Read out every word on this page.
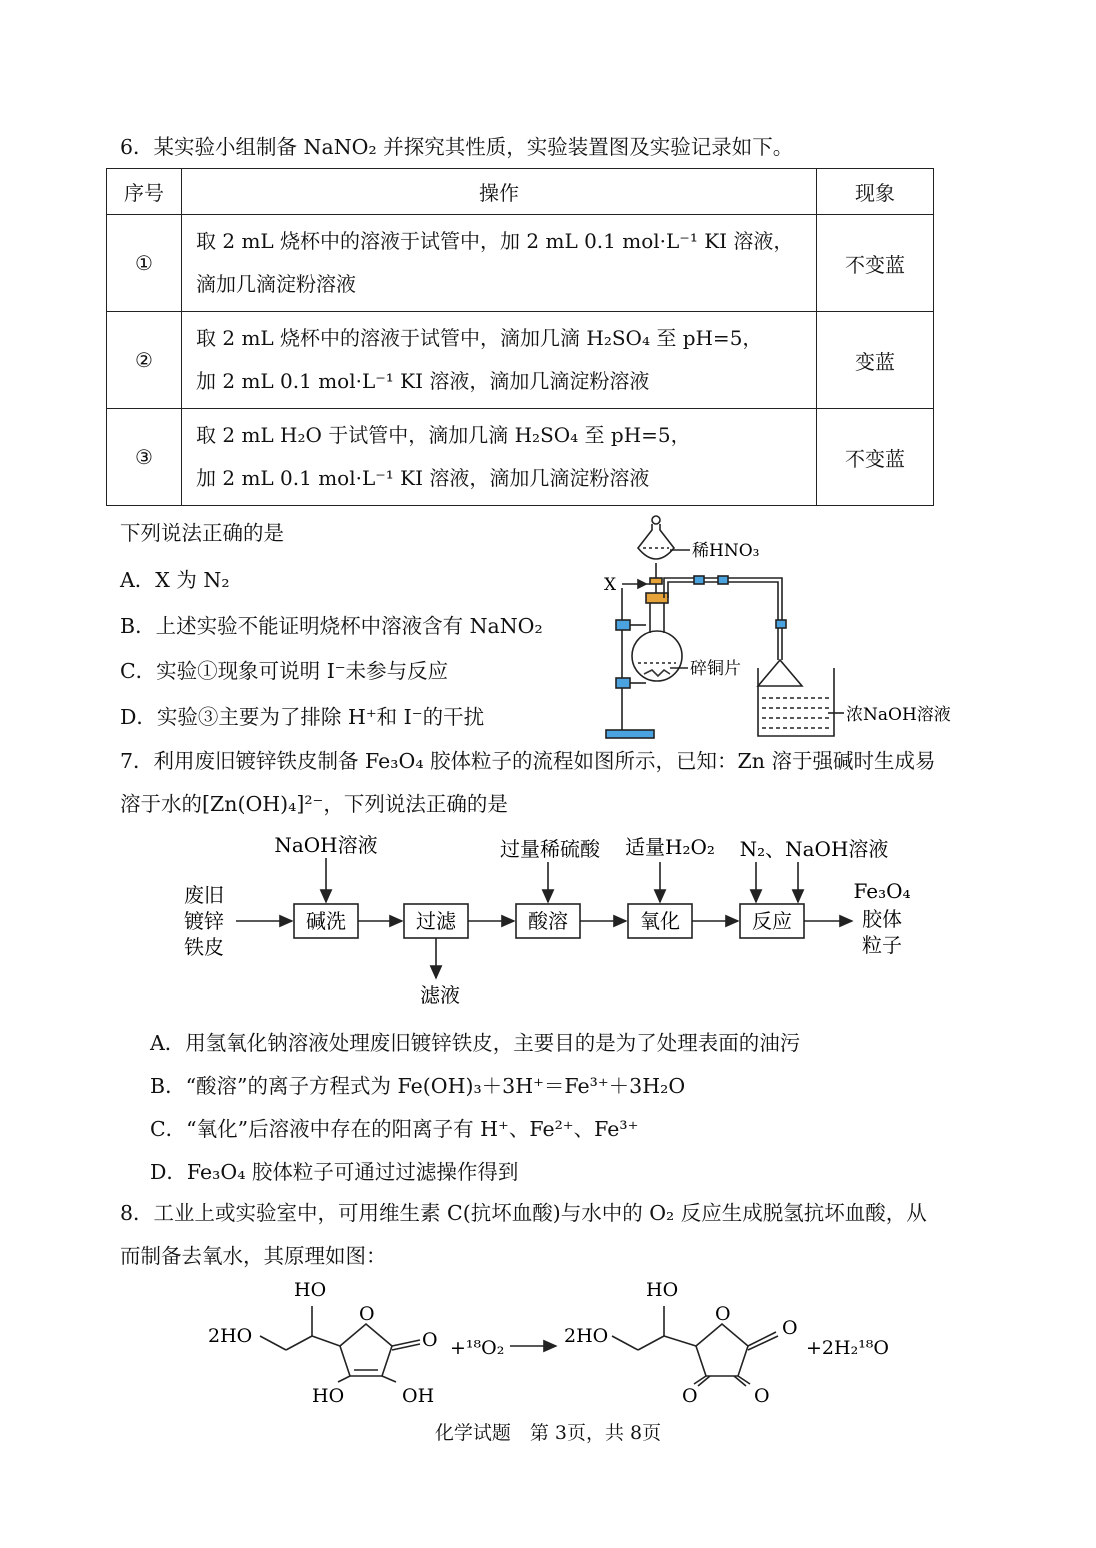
6．某实验小组制备 NaNO₂ 并探究其性质，实验装置图及实验记录如下。
序号	操作	现象
①	取 2 mL 烧杯中的溶液于试管中，加 2 mL 0.1 mol·L⁻¹ KI 溶液，
滴加几滴淀粉溶液	不变蓝
②	取 2 mL 烧杯中的溶液于试管中，滴加几滴 H₂SO₄ 至 pH=5，
加 2 mL 0.1 mol·L⁻¹ KI 溶液，滴加几滴淀粉溶液	变蓝
③	取 2 mL H₂O 于试管中，滴加几滴 H₂SO₄ 至 pH=5，
加 2 mL 0.1 mol·L⁻¹ KI 溶液，滴加几滴淀粉溶液	不变蓝
下列说法正确的是
A．X 为 N₂
B．上述实验不能证明烧杯中溶液含有 NaNO₂
C．实验①现象可说明 I⁻未参与反应
D．实验③主要为了排除 H⁺和 I⁻的干扰
稀HNO₃
X
碎铜片
浓NaOH溶液
7．利用废旧镀锌铁皮制备 Fe₃O₄ 胶体粒子的流程如图所示，已知：Zn 溶于强碱时生成易
溶于水的[Zn(OH)₄]²⁻，下列说法正确的是
废旧
镀锌
铁皮
碱洗	过滤	酸溶	氧化	反应
NaOH溶液	过量稀硫酸 适量H₂O₂ N₂、NaOH溶液
滤液
Fe₃O₄
胶体
粒子
A．用氢氧化钠溶液处理废旧镀锌铁皮，主要目的是为了处理表面的油污
B．“酸溶”的离子方程式为 Fe(OH)₃＋3H⁺＝Fe³⁺＋3H₂O
C．“氧化”后溶液中存在的阳离子有 H⁺、Fe²⁺、Fe³⁺
D．Fe₃O₄ 胶体粒子可通过过滤操作得到
8．工业上或实验室中，可用维生素 C(抗坏血酸)与水中的 O₂ 反应生成脱氢抗坏血酸，从
而制备去氧水，其原理如图：
2HO
HO
O
O
HO	OH
+¹⁸O₂
2HO
HO
O
O
O	O
+2H₂¹⁸O
化学试题　第 3页，共 8页
